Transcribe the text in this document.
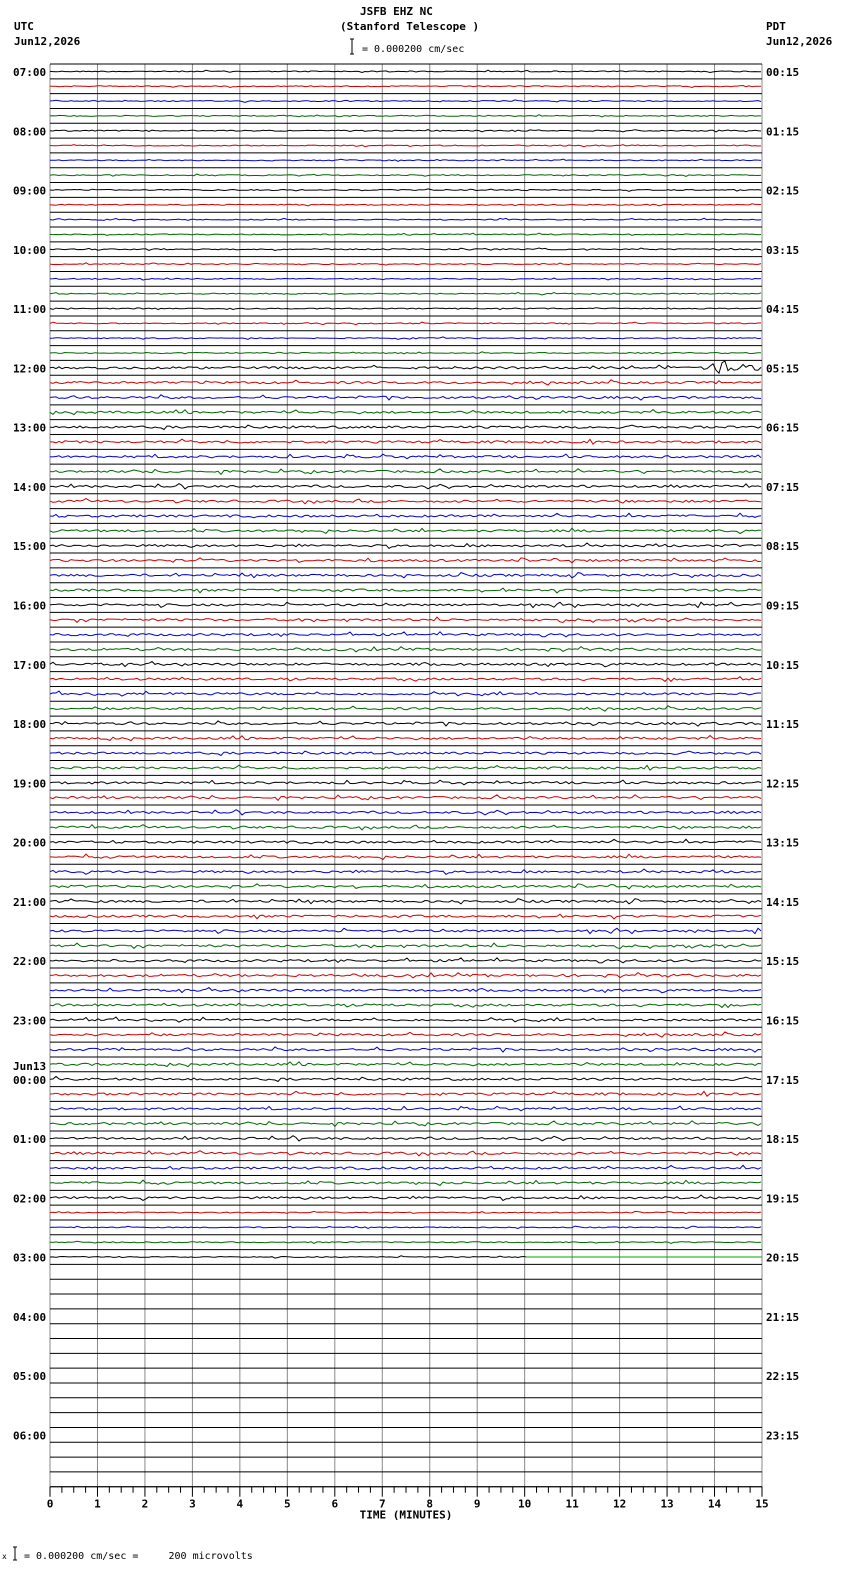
JSFB EHZ NC
(Stanford Telescope )
= 0.000200 cm/sec
UTC
Jun12,2026
PDT
Jun12,2026
= 0.000200 cm/sec =     200 microvolts
0	1	2	3	4	5	6	7	8	9	10	11	12	13	14	15
TIME (MINUTES)
07:00
08:00
09:00
10:00
11:00
12:00
13:00
14:00
15:00
16:00
17:00
18:00
19:00
20:00
21:00
22:00
23:00
00:00
01:00
02:00
03:00
04:00
05:00
06:00
00:15
01:15
02:15
03:15
04:15
05:15
06:15
07:15
08:15
09:15
10:15
11:15
12:15
13:15
14:15
15:15
16:15
17:15
18:15
19:15
20:15
21:15
22:15
23:15
Jun13
x
